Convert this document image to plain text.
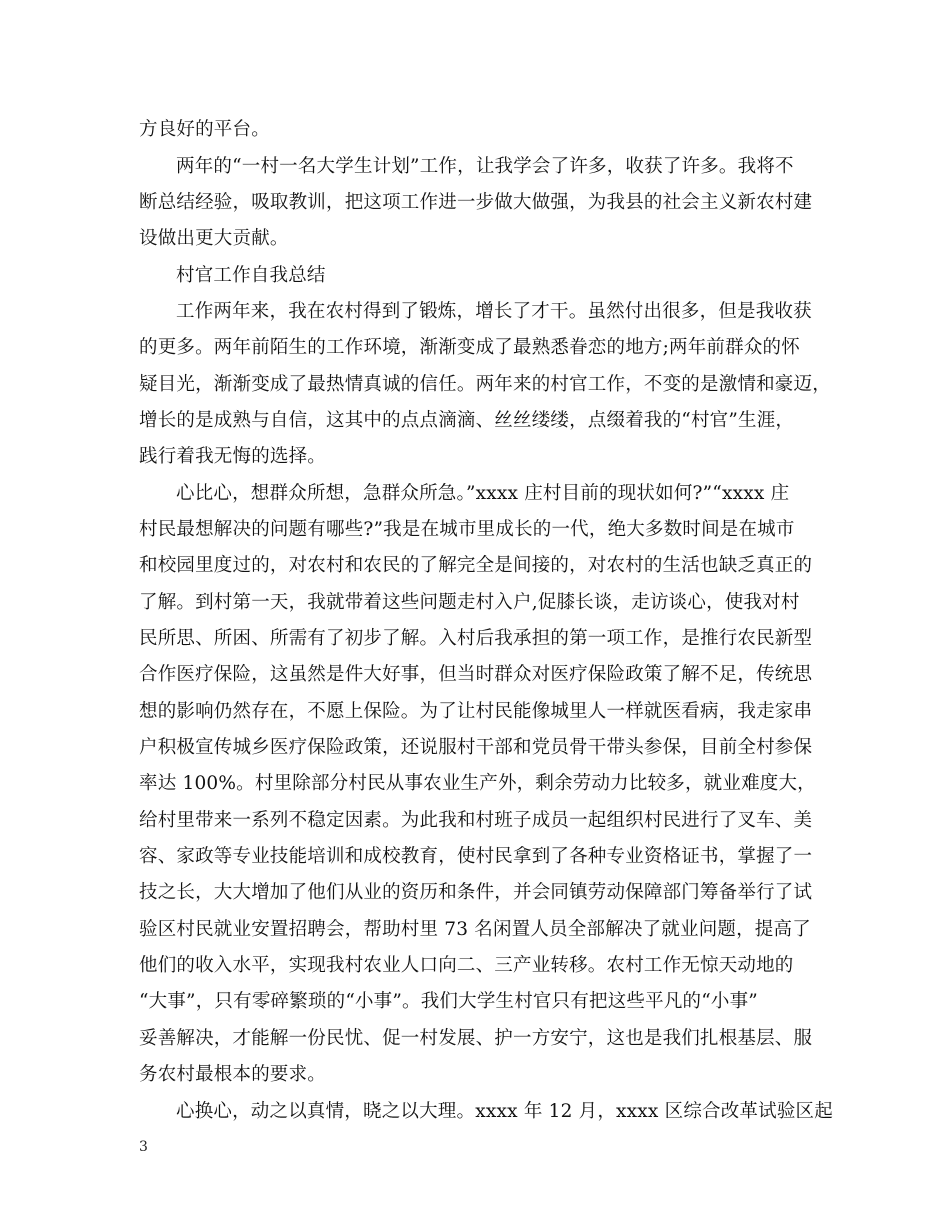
方良好的平台。
两年的“一村一名大学生计划”工作，让我学会了许多，收获了许多。我将不
断总结经验，吸取教训，把这项工作进一步做大做强，为我县的社会主义新农村建
设做出更大贡献。
村官工作自我总结
工作两年来，我在农村得到了锻炼，增长了才干。虽然付出很多，但是我收获
的更多。两年前陌生的工作环境，渐渐变成了最熟悉眷恋的地方;两年前群众的怀
疑目光，渐渐变成了最热情真诚的信任。两年来的村官工作，不变的是激情和豪迈，
增长的是成熟与自信，这其中的点点滴滴、丝丝缕缕，点缀着我的“村官”生涯，
践行着我无悔的选择。
心比心，想群众所想，急群众所急。”xxxx 庄村目前的现状如何?”“xxxx 庄
村民最想解决的问题有哪些?”我是在城市里成长的一代，绝大多数时间是在城市
和校园里度过的，对农村和农民的了解完全是间接的，对农村的生活也缺乏真正的
了解。到村第一天，我就带着这些问题走村入户,促膝长谈，走访谈心，使我对村
民所思、所困、所需有了初步了解。入村后我承担的第一项工作，是推行农民新型
合作医疗保险，这虽然是件大好事，但当时群众对医疗保险政策了解不足，传统思
想的影响仍然存在，不愿上保险。为了让村民能像城里人一样就医看病，我走家串
户积极宣传城乡医疗保险政策，还说服村干部和党员骨干带头参保，目前全村参保
率达 100%。村里除部分村民从事农业生产外，剩余劳动力比较多，就业难度大，
给村里带来一系列不稳定因素。为此我和村班子成员一起组织村民进行了叉车、美
容、家政等专业技能培训和成校教育，使村民拿到了各种专业资格证书，掌握了一
技之长，大大增加了他们从业的资历和条件，并会同镇劳动保障部门筹备举行了试
验区村民就业安置招聘会，帮助村里 73 名闲置人员全部解决了就业问题，提高了
他们的收入水平，实现我村农业人口向二、三产业转移。农村工作无惊天动地的
“大事”，只有零碎繁琐的“小事”。我们大学生村官只有把这些平凡的“小事”
妥善解决，才能解一份民忧、促一村发展、护一方安宁，这也是我们扎根基层、服
务农村最根本的要求。
心换心，动之以真情，晓之以大理。xxxx 年 12 月，xxxx 区综合改革试验区起
3
